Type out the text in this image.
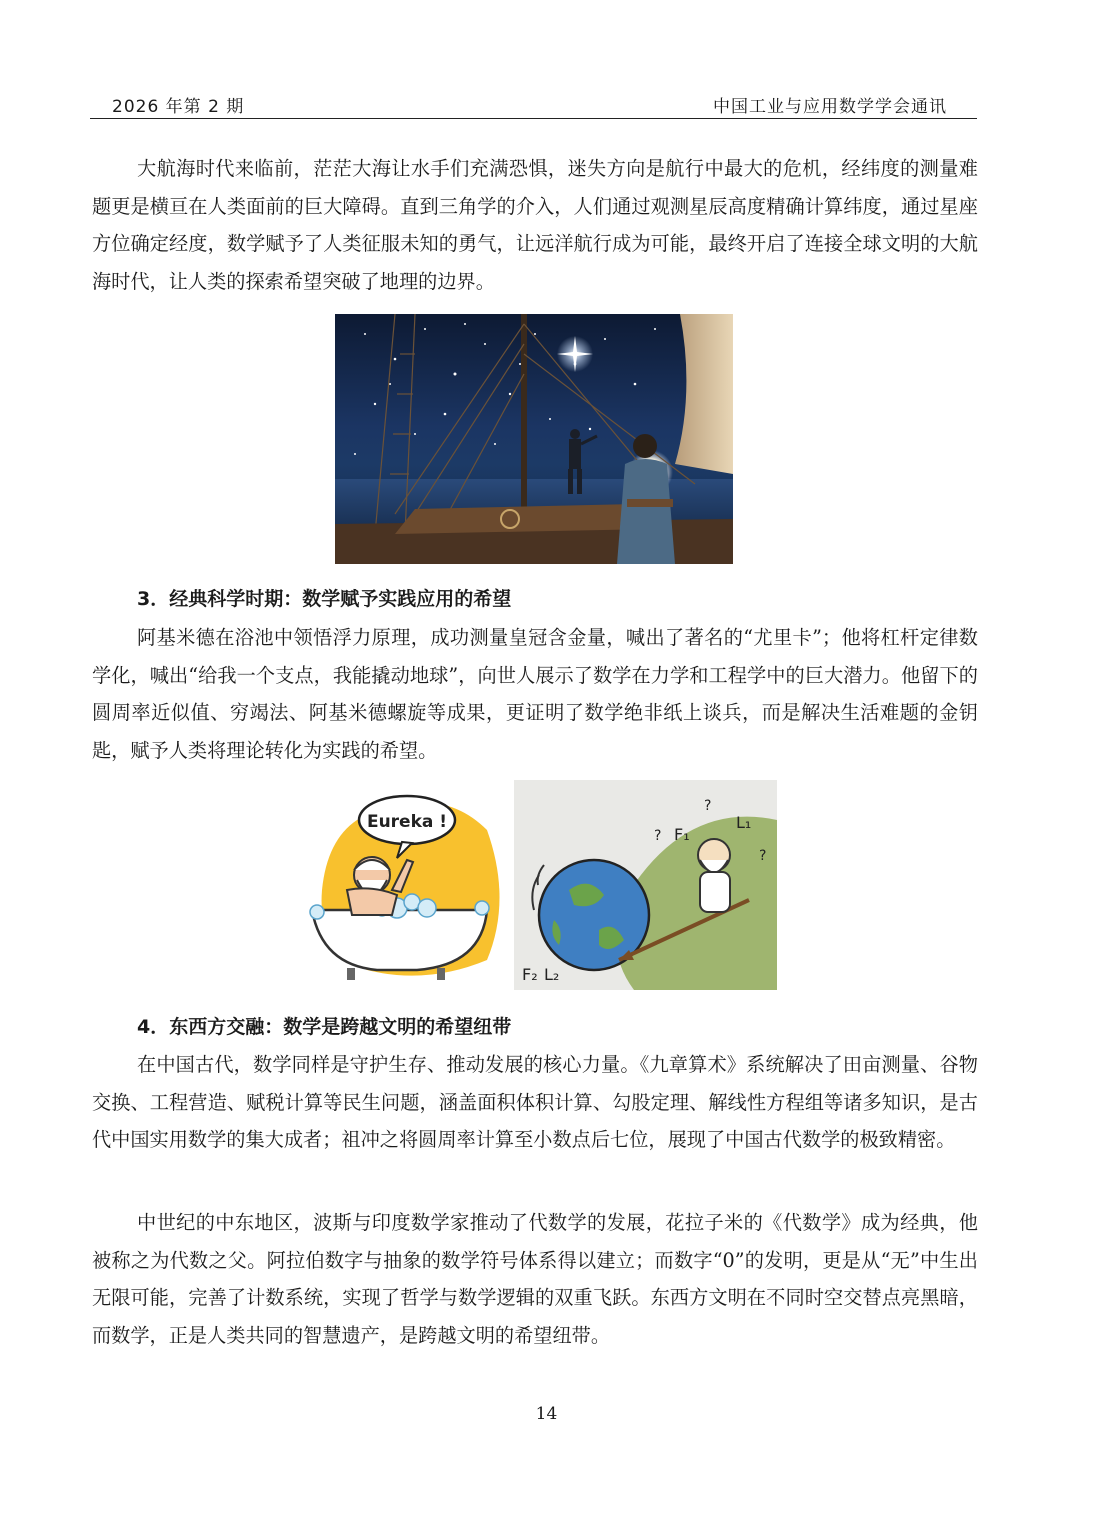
2026 年第 2 期	中国工业与应用数学学会通讯

大航海时代来临前，茫茫大海让水手们充满恐惧，迷失方向是航行中最大的危机，经纬度的测量难题更是横亘在人类面前的巨大障碍。直到三角学的介入，人们通过观测星辰高度精确计算纬度，通过星座方位确定经度，数学赋予了人类征服未知的勇气，让远洋航行成为可能，最终开启了连接全球文明的大航海时代，让人类的探索希望突破了地理的边界。

3．经典科学时期：数学赋予实践应用的希望

阿基米德在浴池中领悟浮力原理，成功测量皇冠含金量，喊出了著名的“尤里卡”；他将杠杆定律数学化，喊出“给我一个支点，我能撬动地球”，向世人展示了数学在力学和工程学中的巨大潜力。他留下的圆周率近似值、穷竭法、阿基米德螺旋等成果，更证明了数学绝非纸上谈兵，而是解决生活难题的金钥匙，赋予人类将理论转化为实践的希望。

Eureka !
F₁
L₁
F₂ L₂
?
?
?

4．东西方交融：数学是跨越文明的希望纽带

在中国古代，数学同样是守护生存、推动发展的核心力量。《九章算术》系统解决了田亩测量、谷物交换、工程营造、赋税计算等民生问题，涵盖面积体积计算、勾股定理、解线性方程组等诸多知识，是古代中国实用数学的集大成者；祖冲之将圆周率计算至小数点后七位，展现了中国古代数学的极致精密。

中世纪的中东地区，波斯与印度数学家推动了代数学的发展，花拉子米的《代数学》成为经典，他被称之为代数之父。阿拉伯数字与抽象的数学符号体系得以建立；而数字“0”的发明，更是从“无”中生出无限可能，完善了计数系统，实现了哲学与数学逻辑的双重飞跃。东西方文明在不同时空交替点亮黑暗，而数学，正是人类共同的智慧遗产，是跨越文明的希望纽带。

14
